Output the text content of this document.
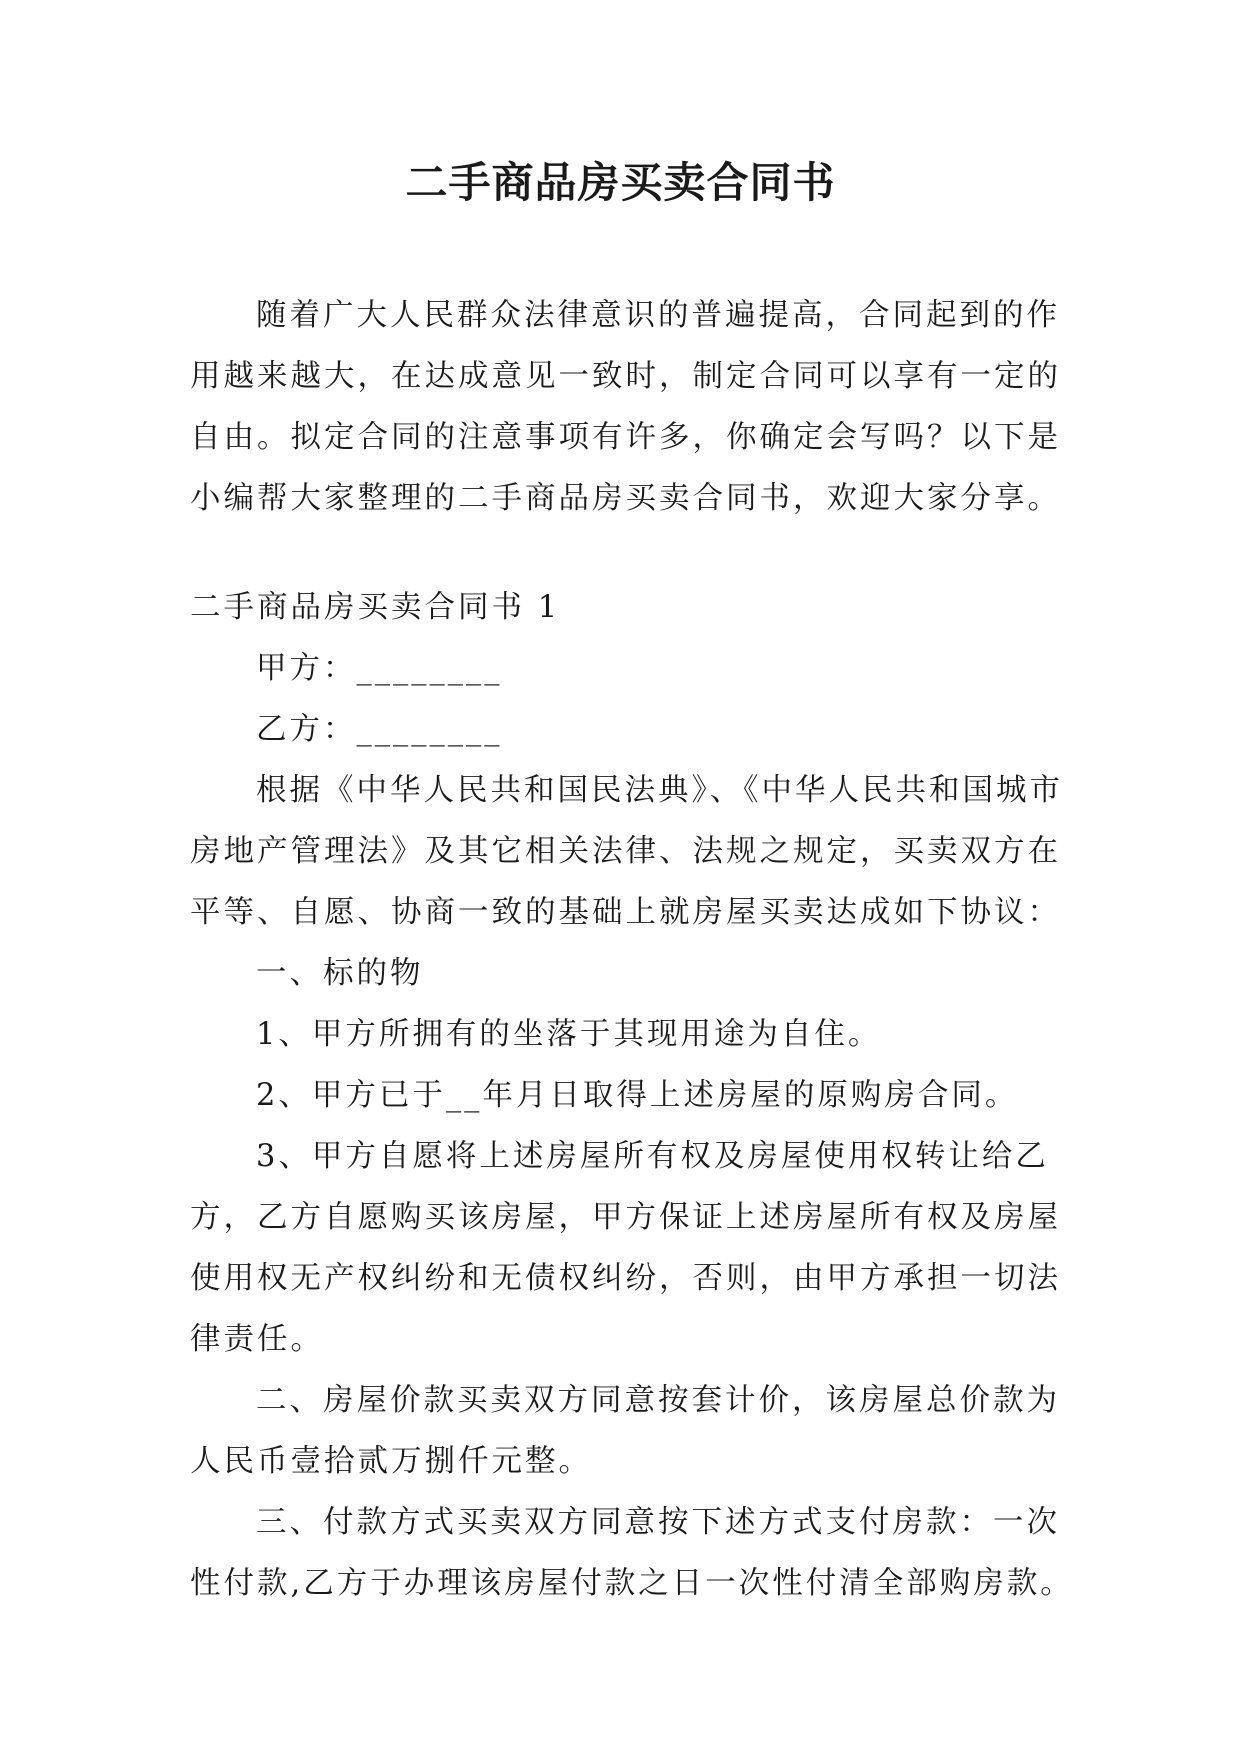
二手商品房买卖合同书
随着广大人民群众法律意识的普遍提高，合同起到的作
用越来越大，在达成意见一致时，制定合同可以享有一定的
自由。拟定合同的注意事项有许多，你确定会写吗？以下是
小编帮大家整理的二手商品房买卖合同书，欢迎大家分享。
二手商品房买卖合同书 1
甲方：________
乙方：________
根据《中华人民共和国民法典》、《中华人民共和国城市
房地产管理法》及其它相关法律、法规之规定，买卖双方在
平等、自愿、协商一致的基础上就房屋买卖达成如下协议：
一、标的物
1、甲方所拥有的坐落于其现用途为自住。
2、甲方已于__年月日取得上述房屋的原购房合同。
3、甲方自愿将上述房屋所有权及房屋使用权转让给乙
方，乙方自愿购买该房屋，甲方保证上述房屋所有权及房屋
使用权无产权纠纷和无债权纠纷，否则，由甲方承担一切法
律责任。
二、房屋价款买卖双方同意按套计价，该房屋总价款为
人民币壹拾贰万捌仟元整。
三、付款方式买卖双方同意按下述方式支付房款：一次
性付款,乙方于办理该房屋付款之日一次性付清全部购房款。
